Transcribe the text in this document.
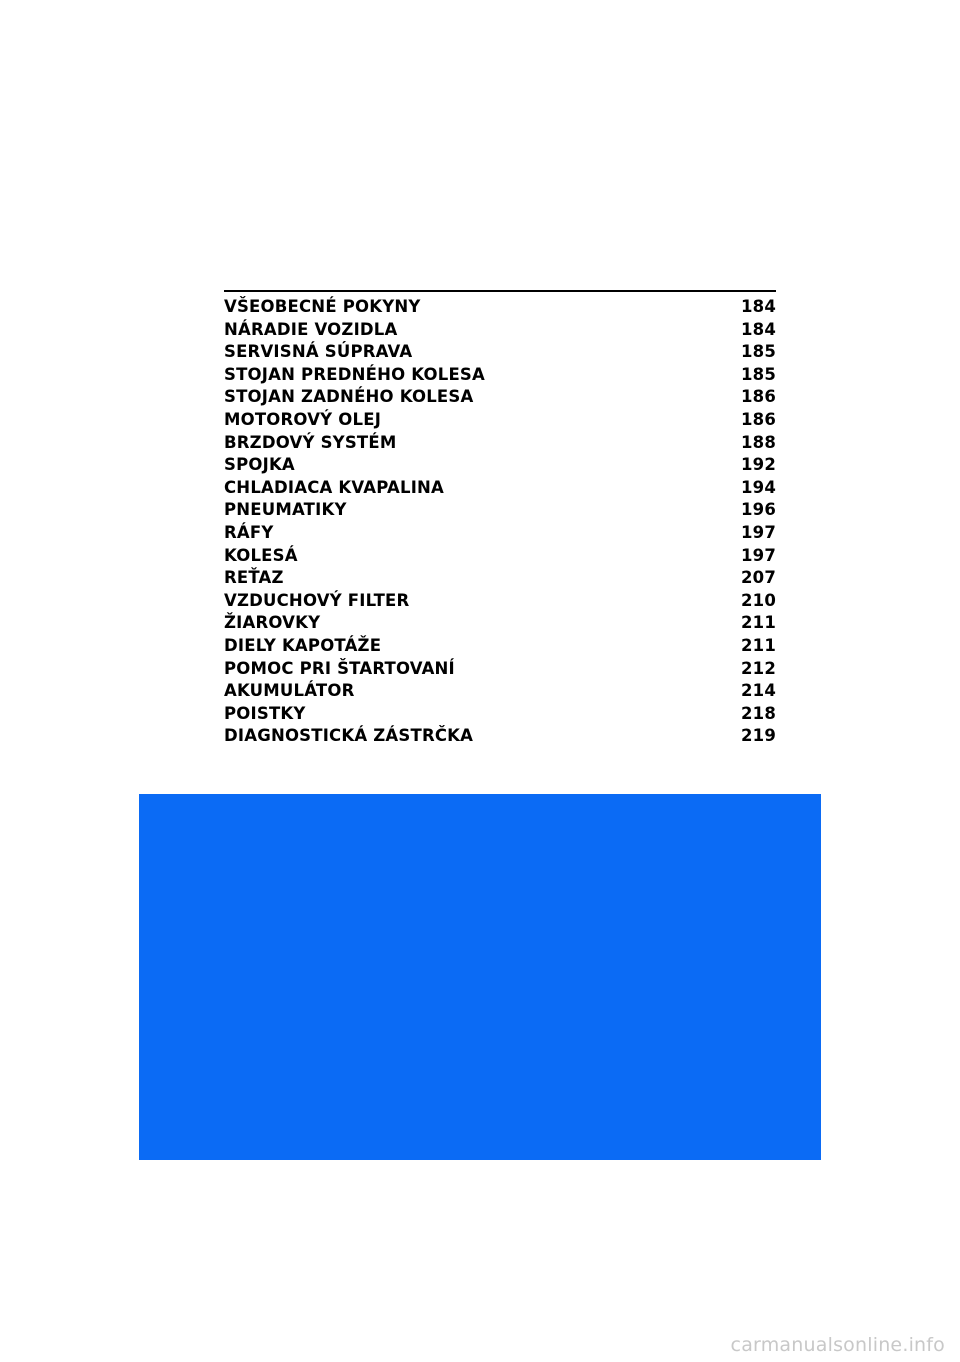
VŠEOBECNÉ POKYNY	184
NÁRADIE VOZIDLA	184
SERVISNÁ SÚPRAVA	185
STOJAN PREDNÉHO KOLESA	185
STOJAN ZADNÉHO KOLESA	186
MOTOROVÝ OLEJ	186
BRZDOVÝ SYSTÉM	188
SPOJKA	192
CHLADIACA KVAPALINA	194
PNEUMATIKY	196
RÁFY	197
KOLESÁ	197
REŤAZ	207
VZDUCHOVÝ FILTER	210
ŽIAROVKY	211
DIELY KAPOTÁŽE	211
POMOC PRI ŠTARTOVANÍ	212
AKUMULÁTOR	214
POISTKY	218
DIAGNOSTICKÁ ZÁSTRČKA	219
carmanualsonline.info
